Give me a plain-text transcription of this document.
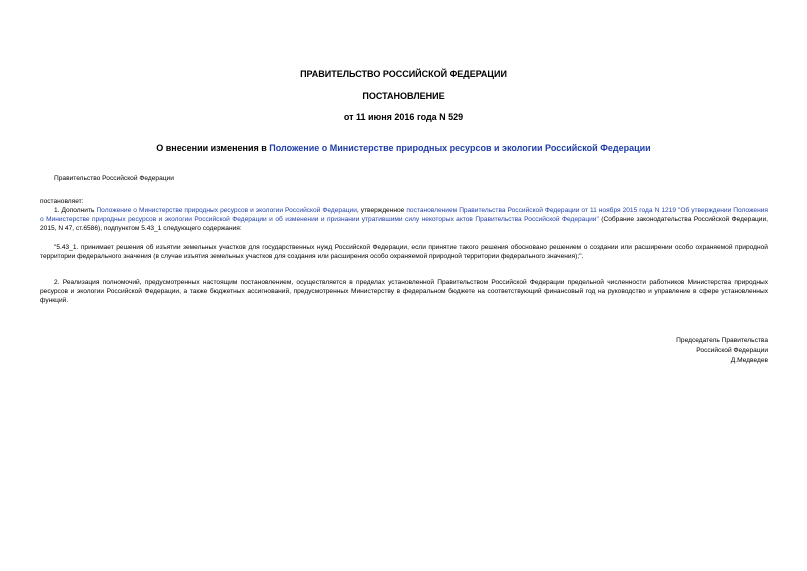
ПРАВИТЕЛЬСТВО РОССИЙСКОЙ ФЕДЕРАЦИИ
ПОСТАНОВЛЕНИЕ
от 11 июня 2016 года N 529
О внесении изменения в Положение о Министерстве природных ресурсов и экологии Российской Федерации
Правительство Российской Федерации
постановляет:
1. Дополнить Положение о Министерстве природных ресурсов и экологии Российской Федерации, утвержденное постановлением Правительства Российской Федерации от 11 ноября 2015 года N 1219 "Об утверждении Положения о Министерстве природных ресурсов и экологии Российской Федерации и об изменении и признании утратившими силу некоторых актов Правительства Российской Федерации" (Собрание законодательства Российской Федерации, 2015, N 47, ст.6586), подпунктом 5.43_1 следующего содержания:
"5.43_1. принимает решения об изъятии земельных участков для государственных нужд Российской Федерации, если принятие такого решения обосновано решением о создании или расширении особо охраняемой природной территории федерального значения (в случае изъятия земельных участков для создания или расширения особо охраняемой природной территории федерального значения);".
2. Реализация полномочий, предусмотренных настоящим постановлением, осуществляется в пределах установленной Правительством Российской Федерации предельной численности работников Министерства природных ресурсов и экологии Российской Федерации, а также бюджетных ассигнований, предусмотренных Министерству в федеральном бюджете на соответствующий финансовый год на руководство и управление в сфере установленных функций.
Председатель Правительства
Российской Федерации
Д.Медведев
